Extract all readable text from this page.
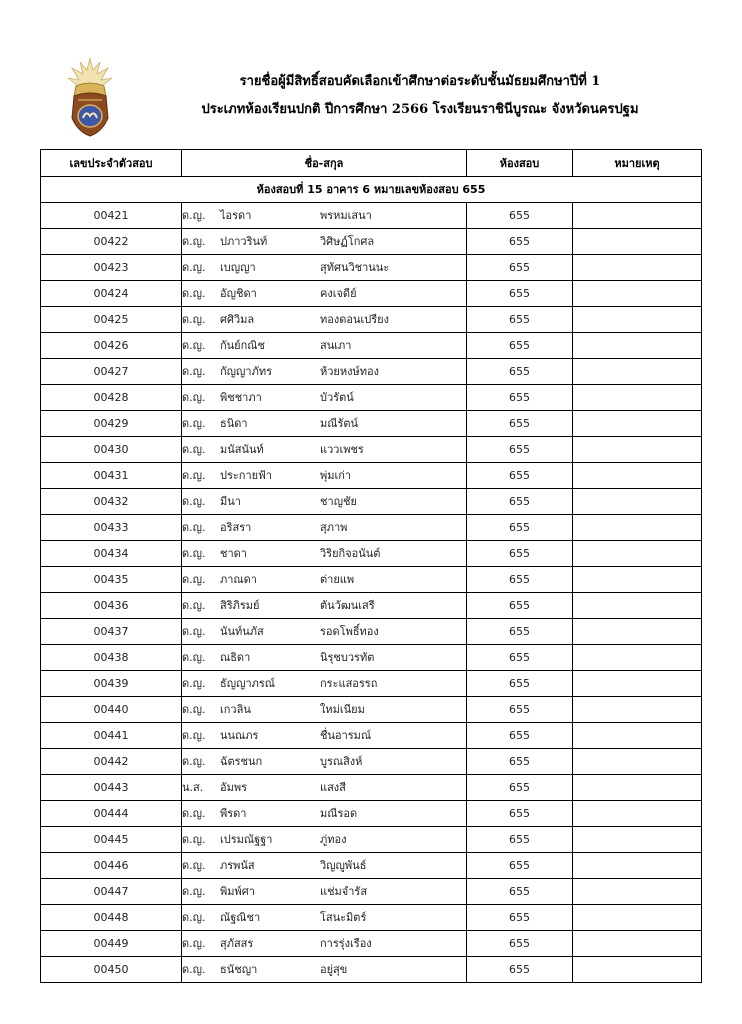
รายชื่อผู้มีสิทธิ์สอบคัดเลือกเข้าศึกษาต่อระดับชั้นมัธยมศึกษาปีที่ 1
ประเภทห้องเรียนปกติ ปีการศึกษา 2566 โรงเรียนราชินีบูรณะ จังหวัดนครปฐม
เลขประจำตัวสอบ	ชื่อ-สกุล	ห้องสอบ	หมายเหตุ
ห้องสอบที่ 15 อาคาร 6 หมายเลขห้องสอบ 655			
00421	ด.ญ. ไอรดา พรหมเสนา	655	
00422	ด.ญ. ปภาวรินท์ วิศิษฏ์โกศล	655	
00423	ด.ญ. เบญญา สุทัศนวิชานนะ	655	
00424	ด.ญ. อัญชิดา คงเจดีย์	655	
00425	ด.ญ. ศศิวิมล ทองดอนเปรียง	655	
00426	ด.ญ. กันย์กณิช สนเภา	655	
00427	ด.ญ. กัญญาภัทร ห้วยหงษ์ทอง	655	
00428	ด.ญ. พิชชาภา บัวรัตน์	655	
00429	ด.ญ. ธนิดา มณีรัตน์	655	
00430	ด.ญ. มนัสนันท์ แววเพชร	655	
00431	ด.ญ. ประกายฟ้า พุ่มเก่า	655	
00432	ด.ญ. มีนา ชาญชัย	655	
00433	ด.ญ. อริสรา สุภาพ	655	
00434	ด.ญ. ชาดา วิริยกิจอนันต์	655	
00435	ด.ญ. ภาณดา ต่ายแพ	655	
00436	ด.ญ. สิริภิรมย์ ตันวัฒนเสรี	655	
00437	ด.ญ. นันท์นภัส รอดโพธิ์ทอง	655	
00438	ด.ญ. ณธิดา นิรุชบวรทัต	655	
00439	ด.ญ. ธัญญาภรณ์ กระแสอรรถ	655	
00440	ด.ญ. เกวลิน ใหม่เนียม	655	
00441	ด.ญ. นนณภร ชื่นอารมณ์	655	
00442	ด.ญ. ฉัตรชนก บูรณสิงห์	655	
00443	น.ส. อัมพร แสงสี	655	
00444	ด.ญ. พีรดา มณีรอด	655	
00445	ด.ญ. เปรมณัฐฐา ภู่ทอง	655	
00446	ด.ญ. ภรพนัส วิญญูพันธ์	655	
00447	ด.ญ. พิมพ์ศา แช่มจำรัส	655	
00448	ด.ญ. ณัฐณิชา โสนะมิตร์	655	
00449	ด.ญ. สุภัสสร การรุ่งเรือง	655	
00450	ด.ญ. ธนัชญา อยู่สุข	655	
